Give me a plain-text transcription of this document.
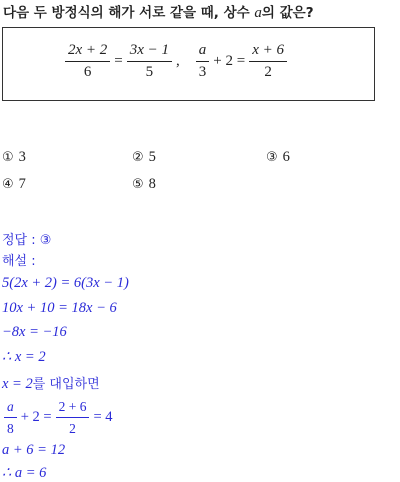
다음 두 방정식의 해가 서로 같을 때, 상수 a의 값은?
$\frac{2x + 2}{6} = \frac{3x - 1}{5}$ , $\frac{a}{3} + 2 = \frac{x + 6}{2}$
① 3	② 5	③ 6
④ 7	⑤ 8
정답 : ③
해설 :
5(2x + 2) = 6(3x − 1)
10x + 10 = 18x − 6
−8x = −16
∴ x = 2
x = 2를 대입하면
$\frac{a}{8} + 2 = \frac{2 + 6}{2} = 4$
a + 6 = 12
∴ a = 6
